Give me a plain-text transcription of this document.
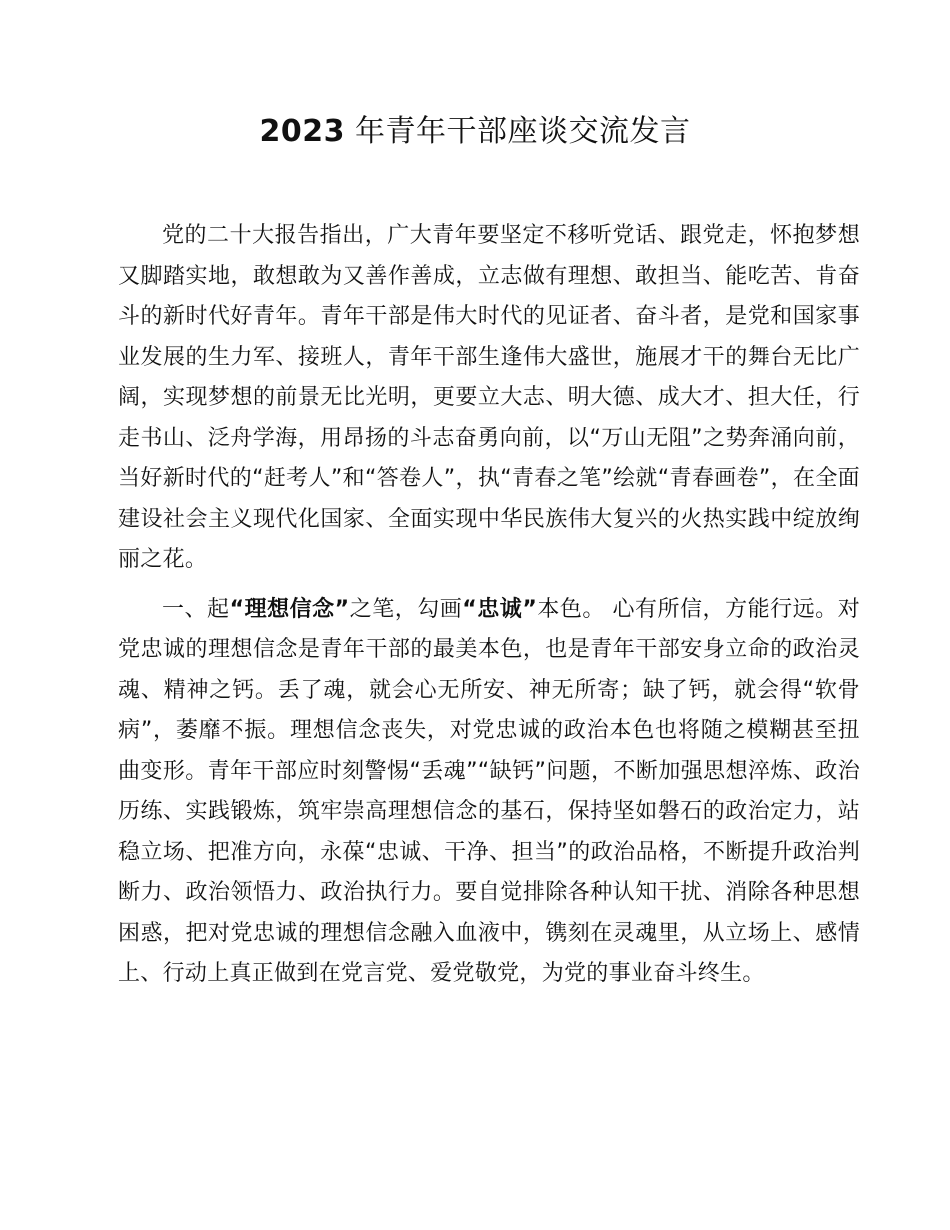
2023 年青年干部座谈交流发言

党的二十大报告指出，广大青年要坚定不移听党话、跟党走，怀抱梦想又脚踏实地，敢想敢为又善作善成，立志做有理想、敢担当、能吃苦、肯奋斗的新时代好青年。青年干部是伟大时代的见证者、奋斗者，是党和国家事业发展的生力军、接班人，青年干部生逢伟大盛世，施展才干的舞台无比广阔，实现梦想的前景无比光明，更要立大志、明大德、成大才、担大任，行走书山、泛舟学海，用昂扬的斗志奋勇向前，以“万山无阻”之势奔涌向前，当好新时代的“赶考人”和“答卷人”，执“青春之笔”绘就“青春画卷”，在全面建设社会主义现代化国家、全面实现中华民族伟大复兴的火热实践中绽放绚丽之花。

一、起“理想信念”之笔，勾画“忠诚”本色。 心有所信，方能行远。对党忠诚的理想信念是青年干部的最美本色，也是青年干部安身立命的政治灵魂、精神之钙。丢了魂，就会心无所安、神无所寄；缺了钙，就会得“软骨病”，萎靡不振。理想信念丧失，对党忠诚的政治本色也将随之模糊甚至扭曲变形。青年干部应时刻警惕“丢魂”“缺钙”问题，不断加强思想淬炼、政治历练、实践锻炼，筑牢崇高理想信念的基石，保持坚如磐石的政治定力，站稳立场、把准方向，永葆“忠诚、干净、担当”的政治品格，不断提升政治判断力、政治领悟力、政治执行力。要自觉排除各种认知干扰、消除各种思想困惑，把对党忠诚的理想信念融入血液中，镌刻在灵魂里，从立场上、感情上、行动上真正做到在党言党、爱党敬党，为党的事业奋斗终生。
